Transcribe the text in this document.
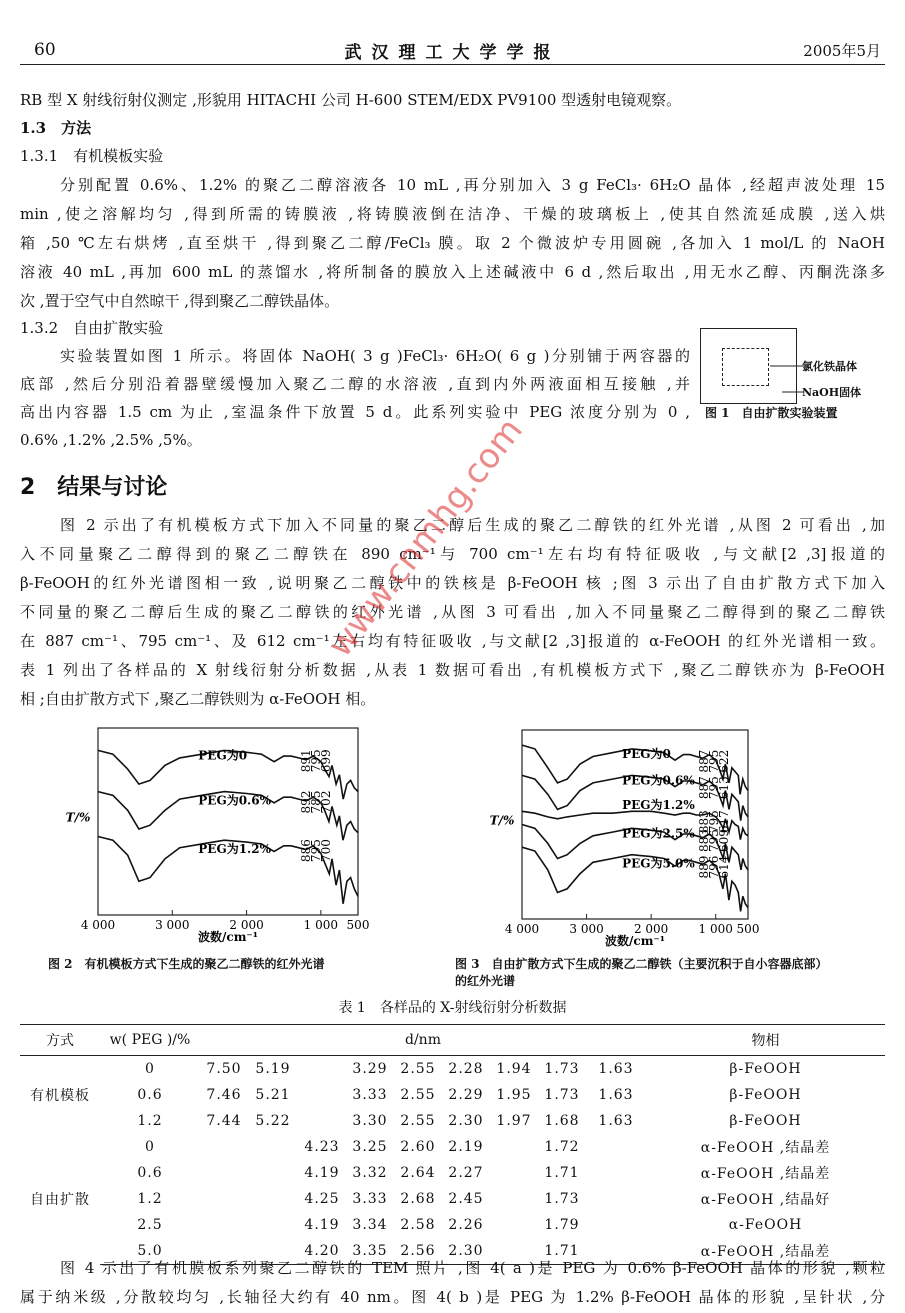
60	武汉理工大学学报	2005年5月
RB 型 X 射线衍射仪测定 ,形貌用 HITACHI 公司 H-600 STEM/EDX PV9100 型透射电镜观察。
1.3　方法
1.3.1　有机模板实验
分别配置 0.6%、1.2% 的聚乙二醇溶液各 10 mL ,再分别加入 3 g FeCl₃· 6H₂O 晶体 ,经超声波处理 15
min ,使之溶解均匀 ,得到所需的铸膜液 ,将铸膜液倒在洁净、干燥的玻璃板上 ,使其自然流延成膜 ,送入烘
箱 ,50 ℃左右烘烤 ,直至烘干 ,得到聚乙二醇/FeCl₃ 膜。取 2 个微波炉专用圆碗 ,各加入 1 mol/L 的 NaOH
溶液 40 mL ,再加 600 mL 的蒸馏水 ,将所制备的膜放入上述碱液中 6 d ,然后取出 ,用无水乙醇、丙酮洗涤多
次 ,置于空气中自然晾干 ,得到聚乙二醇铁晶体。
1.3.2　自由扩散实验
实验装置如图 1 所示。将固体 NaOH( 3 g )FeCl₃· 6H₂O( 6 g )分别铺于两容器的
底部 ,然后分别沿着器壁缓慢加入聚乙二醇的水溶液 ,直到内外两液面相互接触 ,并
高出内容器 1.5 cm 为止 ,室温条件下放置 5 d。此系列实验中 PEG 浓度分别为 0 ,
0.6% ,1.2% ,2.5% ,5%。
氯化铁晶体
NaOH固体
图 1　自由扩散实验装置
2　结果与讨论
图 2 示出了有机模板方式下加入不同量的聚乙二醇后生成的聚乙二醇铁的红外光谱 ,从图 2 可看出 ,加
入不同量聚乙二醇得到的聚乙二醇铁在 890 cm⁻¹与 700 cm⁻¹左右均有特征吸收 ,与文献[2 ,3]报道的
β-FeOOH的红外光谱图相一致 ,说明聚乙二醇铁中的铁核是 β-FeOOH 核 ;图 3 示出了自由扩散方式下加入
不同量的聚乙二醇后生成的聚乙二醇铁的红外光谱 ,从图 3 可看出 ,加入不同量聚乙二醇得到的聚乙二醇铁
在 887 cm⁻¹、795 cm⁻¹、及 612 cm⁻¹左右均有特征吸收 ,与文献[2 ,3]报道的 α-FeOOH 的红外光谱相一致。
表 1 列出了各样品的 X 射线衍射分析数据 ,从表 1 数据可看出 ,有机模板方式下 ,聚乙二醇铁亦为 β-FeOOH
相 ;自由扩散方式下 ,聚乙二醇铁则为 α-FeOOH 相。
4 000	3 000	2 000	1 000 500
波数/cm⁻¹
T/%
PEG为0
PEG为0.6%
PEG为1.2%
891
795
699
892
785
702
886
795
700
图 2　有机模板方式下生成的聚乙二醇铁的红外光谱
4 000	3 000	2 000	1 000 500
波数/cm⁻¹
T/%
PEG为0
PEG为0.6%
PEG为1.2%
PEG为2.5%
PEG为5.0%
887
795
622
887
795
613
883
795
617
883
795
609
889
796
614
图 3　自由扩散方式下生成的聚乙二醇铁（主要沉积于自小容器底部）的红外光谱
www.cnmhg.com
表 1　各样品的 X-射线衍射分析数据
方式	w( PEG )/%	d/nm									物相
有机模板	0	7.50	5.19		3.29	2.55	2.28	1.94	1.73	1.63	β-FeOOH
	0.6	7.46	5.21		3.33	2.55	2.29	1.95	1.73	1.63	β-FeOOH
	1.2	7.44	5.22		3.30	2.55	2.30	1.97	1.68	1.63	β-FeOOH
自由扩散	0			4.23	3.25	2.60	2.19		1.72		α-FeOOH ,结晶差
	0.6			4.19	3.32	2.64	2.27		1.71		α-FeOOH ,结晶差
	1.2			4.25	3.33	2.68	2.45		1.73		α-FeOOH ,结晶好
	2.5			4.19	3.34	2.58	2.26		1.79		α-FeOOH
	5.0			4.20	3.35	2.56	2.30		1.71		α-FeOOH ,结晶差
图 4 示出了有机膜板系列聚乙二醇铁的 TEM 照片 ,图 4( a )是 PEG 为 0.6% β-FeOOH 晶体的形貌 ,颗粒
属于纳米级 ,分散较均匀 ,长轴径大约有 40 nm。图 4( b )是 PEG 为 1.2% β-FeOOH 晶体的形貌 ,呈针状 ,分
